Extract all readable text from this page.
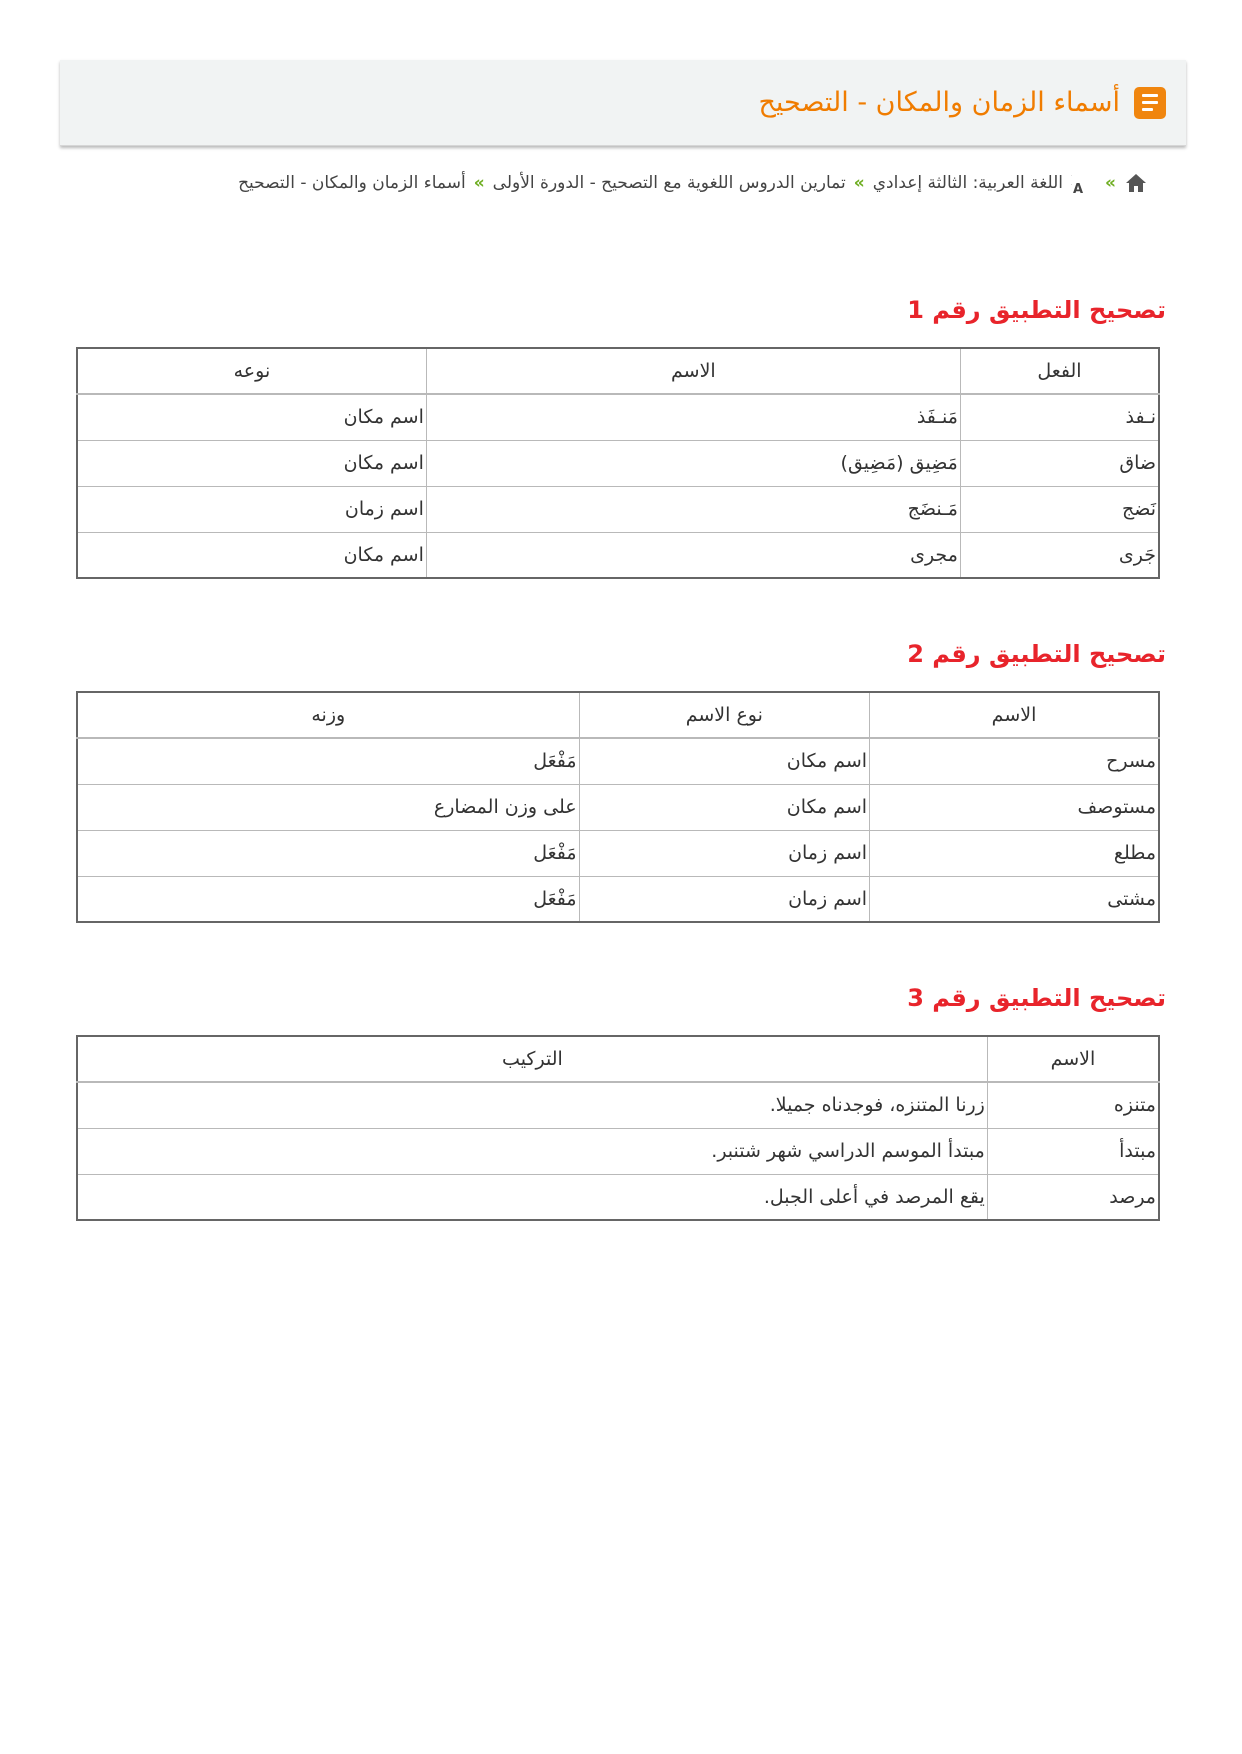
أسماء الزمان والمكان - التصحيح
»
A
اللغة العربية: الثالثة إعدادي
»
تمارين الدروس اللغوية مع التصحيح - الدورة الأولى
»
أسماء الزمان والمكان - التصحيح
تصحيح التطبيق رقم 1
الفعل	الاسم	نوعه
نـفذ	مَنـفَذ	اسم مكان
ضاق	مَضِيق (مَضِيق)	اسم مكان
نَضج	مَـنضَج	اسم زمان
جَرى	مجرى	اسم مكان
تصحيح التطبيق رقم 2
الاسم	نوع الاسم	وزنه
مسرح	اسم مكان	مَفْعَل
مستوصف	اسم مكان	على وزن المضارع
مطلع	اسم زمان	مَفْعَل
مشتى	اسم زمان	مَفْعَل
تصحيح التطبيق رقم 3
الاسم	التركيب
متنزه	زرنا المتنزه، فوجدناه جميلا.
مبتدأ	مبتدأ الموسم الدراسي شهر شتنبر.
مرصد	يقع المرصد في أعلى الجبل.
